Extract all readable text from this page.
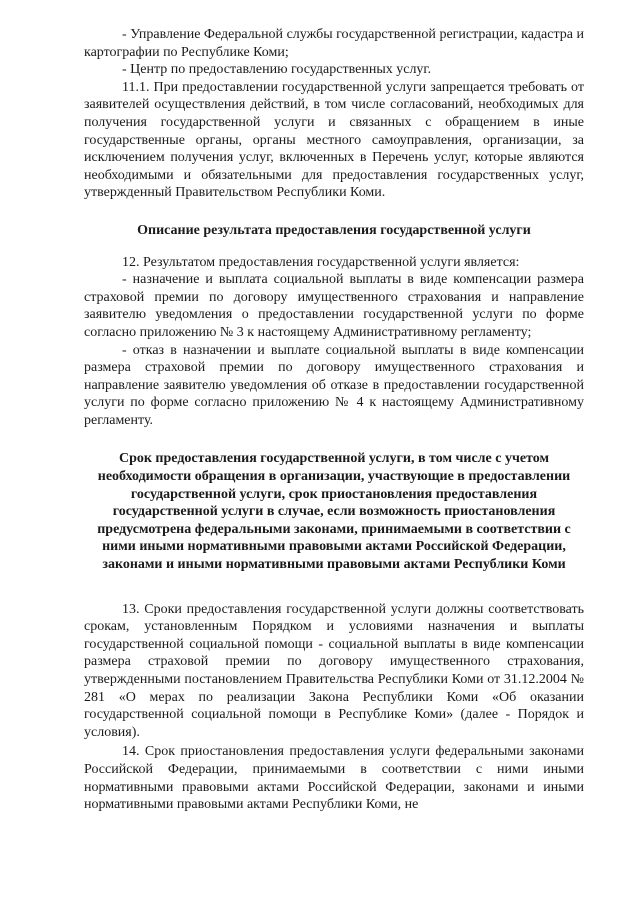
- Управление Федеральной службы государственной регистрации, кадастра и картографии по Республике Коми;

- Центр по предоставлению государственных услуг.

11.1. При предоставлении государственной услуги запрещается требовать от заявителей осуществления действий, в том числе согласований, необходимых для получения государственной услуги и связанных с обращением в иные государственные органы, органы местного самоуправления, организации, за исключением получения услуг, включенных в Перечень услуг, которые являются необходимыми и обязательными для предоставления государственных услуг, утвержденный Правительством Республики Коми.

Описание результата предоставления государственной услуги

12. Результатом предоставления государственной услуги является:

- назначение и выплата социальной выплаты в виде компенсации размера страховой премии по договору имущественного страхования и направление заявителю уведомления о предоставлении государственной услуги по форме согласно приложению № 3 к настоящему Административному регламенту;

- отказ в назначении и выплате социальной выплаты в виде компенсации размера страховой премии по договору имущественного страхования и направление заявителю уведомления об отказе в предоставлении государственной услуги по форме согласно приложению № 4 к настоящему Административному регламенту.

Срок предоставления государственной услуги, в том числе с учетом необходимости обращения в организации, участвующие в предоставлении государственной услуги, срок приостановления предоставления государственной услуги в случае, если возможность приостановления предусмотрена федеральными законами, принимаемыми в соответствии с ними иными нормативными правовыми актами Российской Федерации, законами и иными нормативными правовыми актами Республики Коми

13. Сроки предоставления государственной услуги должны соответствовать срокам, установленным Порядком и условиями назначения и выплаты государственной социальной помощи - социальной выплаты в виде компенсации размера страховой премии по договору имущественного страхования, утвержденными постановлением Правительства Республики Коми от 31.12.2004 № 281 «О мерах по реализации Закона Республики Коми «Об оказании государственной социальной помощи в Республике Коми» (далее - Порядок и условия).

14. Срок приостановления предоставления услуги федеральными законами Российской Федерации, принимаемыми в соответствии с ними иными нормативными правовыми актами Российской Федерации, законами и иными нормативными правовыми актами Республики Коми, не
